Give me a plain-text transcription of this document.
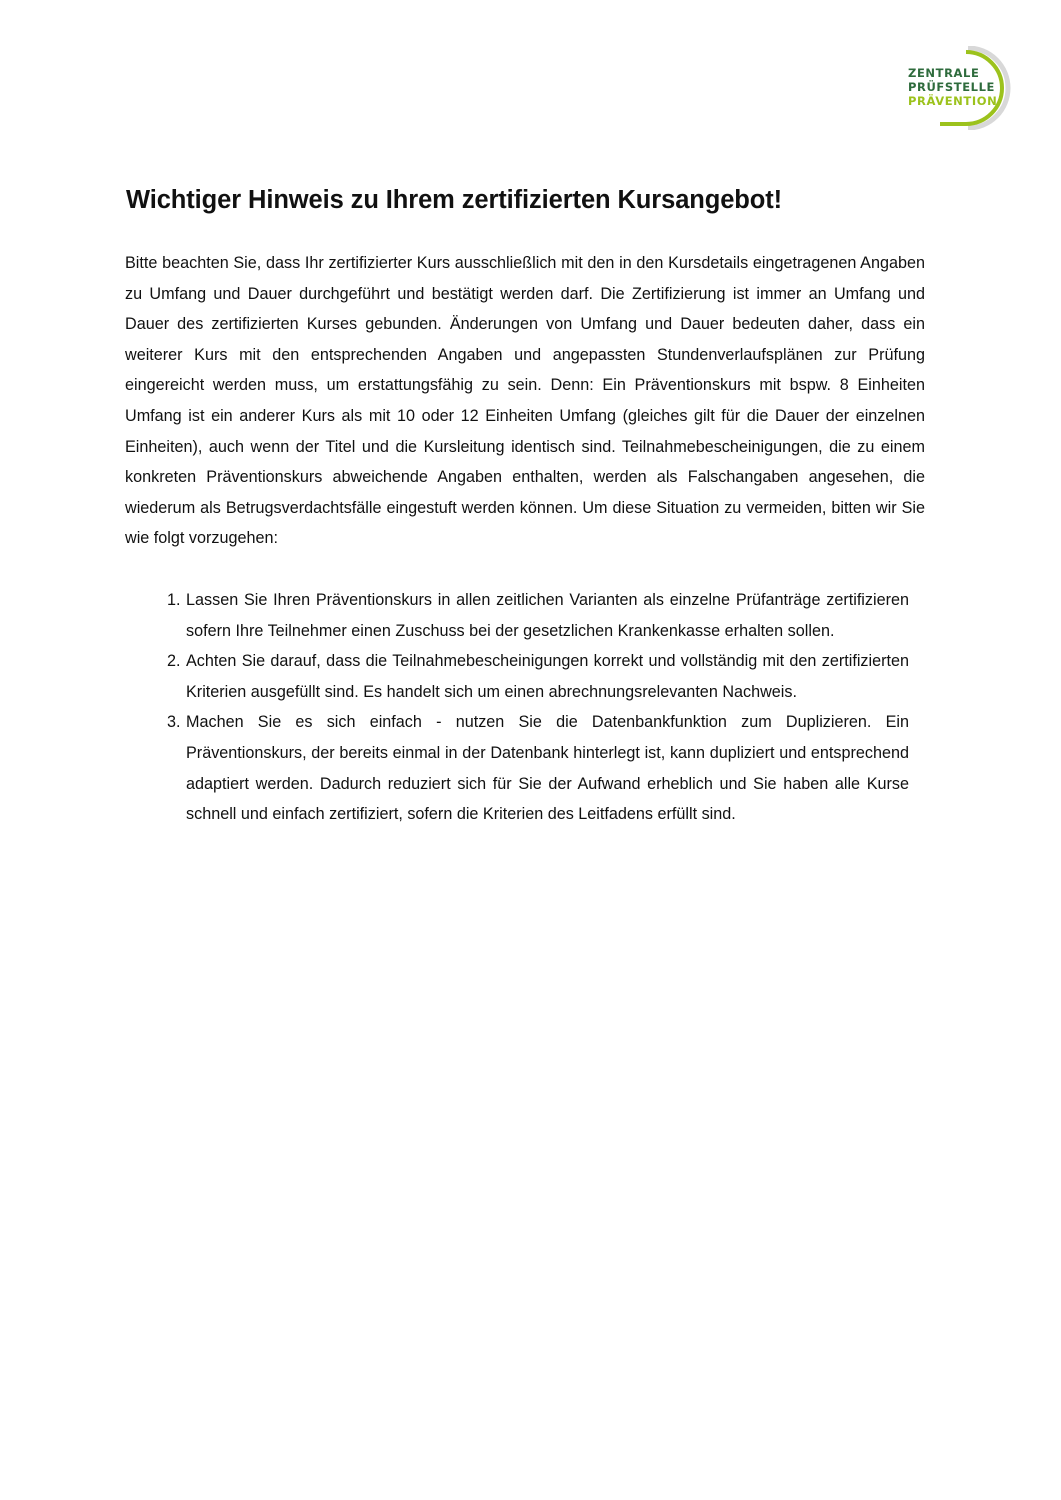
ZENTRALE
PRÜFSTELLE
PRÄVENTION
Wichtiger Hinweis zu Ihrem zertifizierten Kursangebot!

Bitte beachten Sie, dass Ihr zertifizierter Kurs ausschließlich mit den in den Kursdetails eingetragenen Angaben zu Umfang und Dauer durchgeführt und bestätigt werden darf. Die Zertifizierung ist immer an Umfang und Dauer des zertifizierten Kurses gebunden. Änderungen von Umfang und Dauer bedeuten daher, dass ein weiterer Kurs mit den entsprechenden Angaben und angepassten Stundenverlaufsplänen zur Prüfung eingereicht werden muss, um erstattungsfähig zu sein. Denn: Ein Präventionskurs mit bspw. 8 Einheiten Umfang ist ein anderer Kurs als mit 10 oder 12 Einheiten Umfang (gleiches gilt für die Dauer der einzelnen Einheiten), auch wenn der Titel und die Kursleitung identisch sind. Teilnahmebescheinigungen, die zu einem konkreten Präventionskurs abweichende Angaben enthalten, werden als Falschangaben angesehen, die wiederum als Betrugsverdachtsfälle eingestuft werden können. Um diese Situation zu vermeiden, bitten wir Sie wie folgt vorzugehen:

1. Lassen Sie Ihren Präventionskurs in allen zeitlichen Varianten als einzelne Prüfanträge zertifizieren sofern Ihre Teilnehmer einen Zuschuss bei der gesetzlichen Krankenkasse erhalten sollen.
2. Achten Sie darauf, dass die Teilnahmebescheinigungen korrekt und vollständig mit den zertifizierten Kriterien ausgefüllt sind. Es handelt sich um einen abrechnungsrelevanten Nachweis.
3. Machen Sie es sich einfach - nutzen Sie die Datenbankfunktion zum Duplizieren. Ein Präventionskurs, der bereits einmal in der Datenbank hinterlegt ist, kann dupliziert und entsprechend adaptiert werden. Dadurch reduziert sich für Sie der Aufwand erheblich und Sie haben alle Kurse schnell und einfach zertifiziert, sofern die Kriterien des Leitfadens erfüllt sind.
